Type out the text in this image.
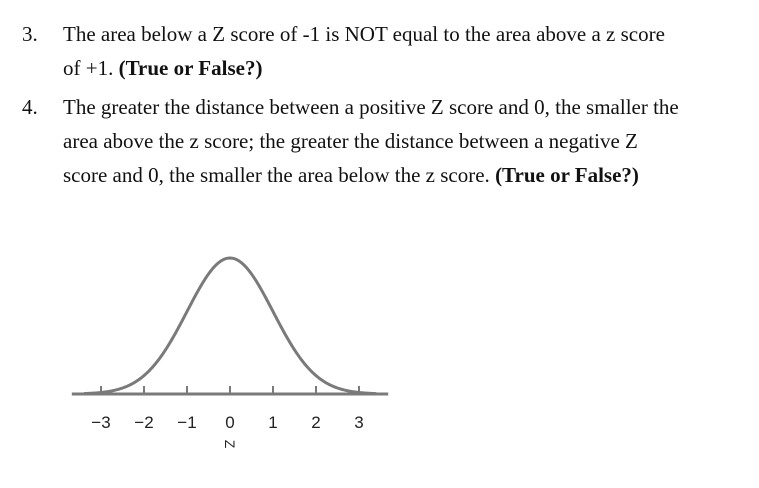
3. The area below a Z score of -1 is NOT equal to the area above a z score
of +1. (True or False?)
4. The greater the distance between a positive Z score and 0, the smaller the
area above the z score; the greater the distance between a negative Z
score and 0, the smaller the area below the z score. (True or False?)
−3 −2 −1 0 1 2 3
Z
